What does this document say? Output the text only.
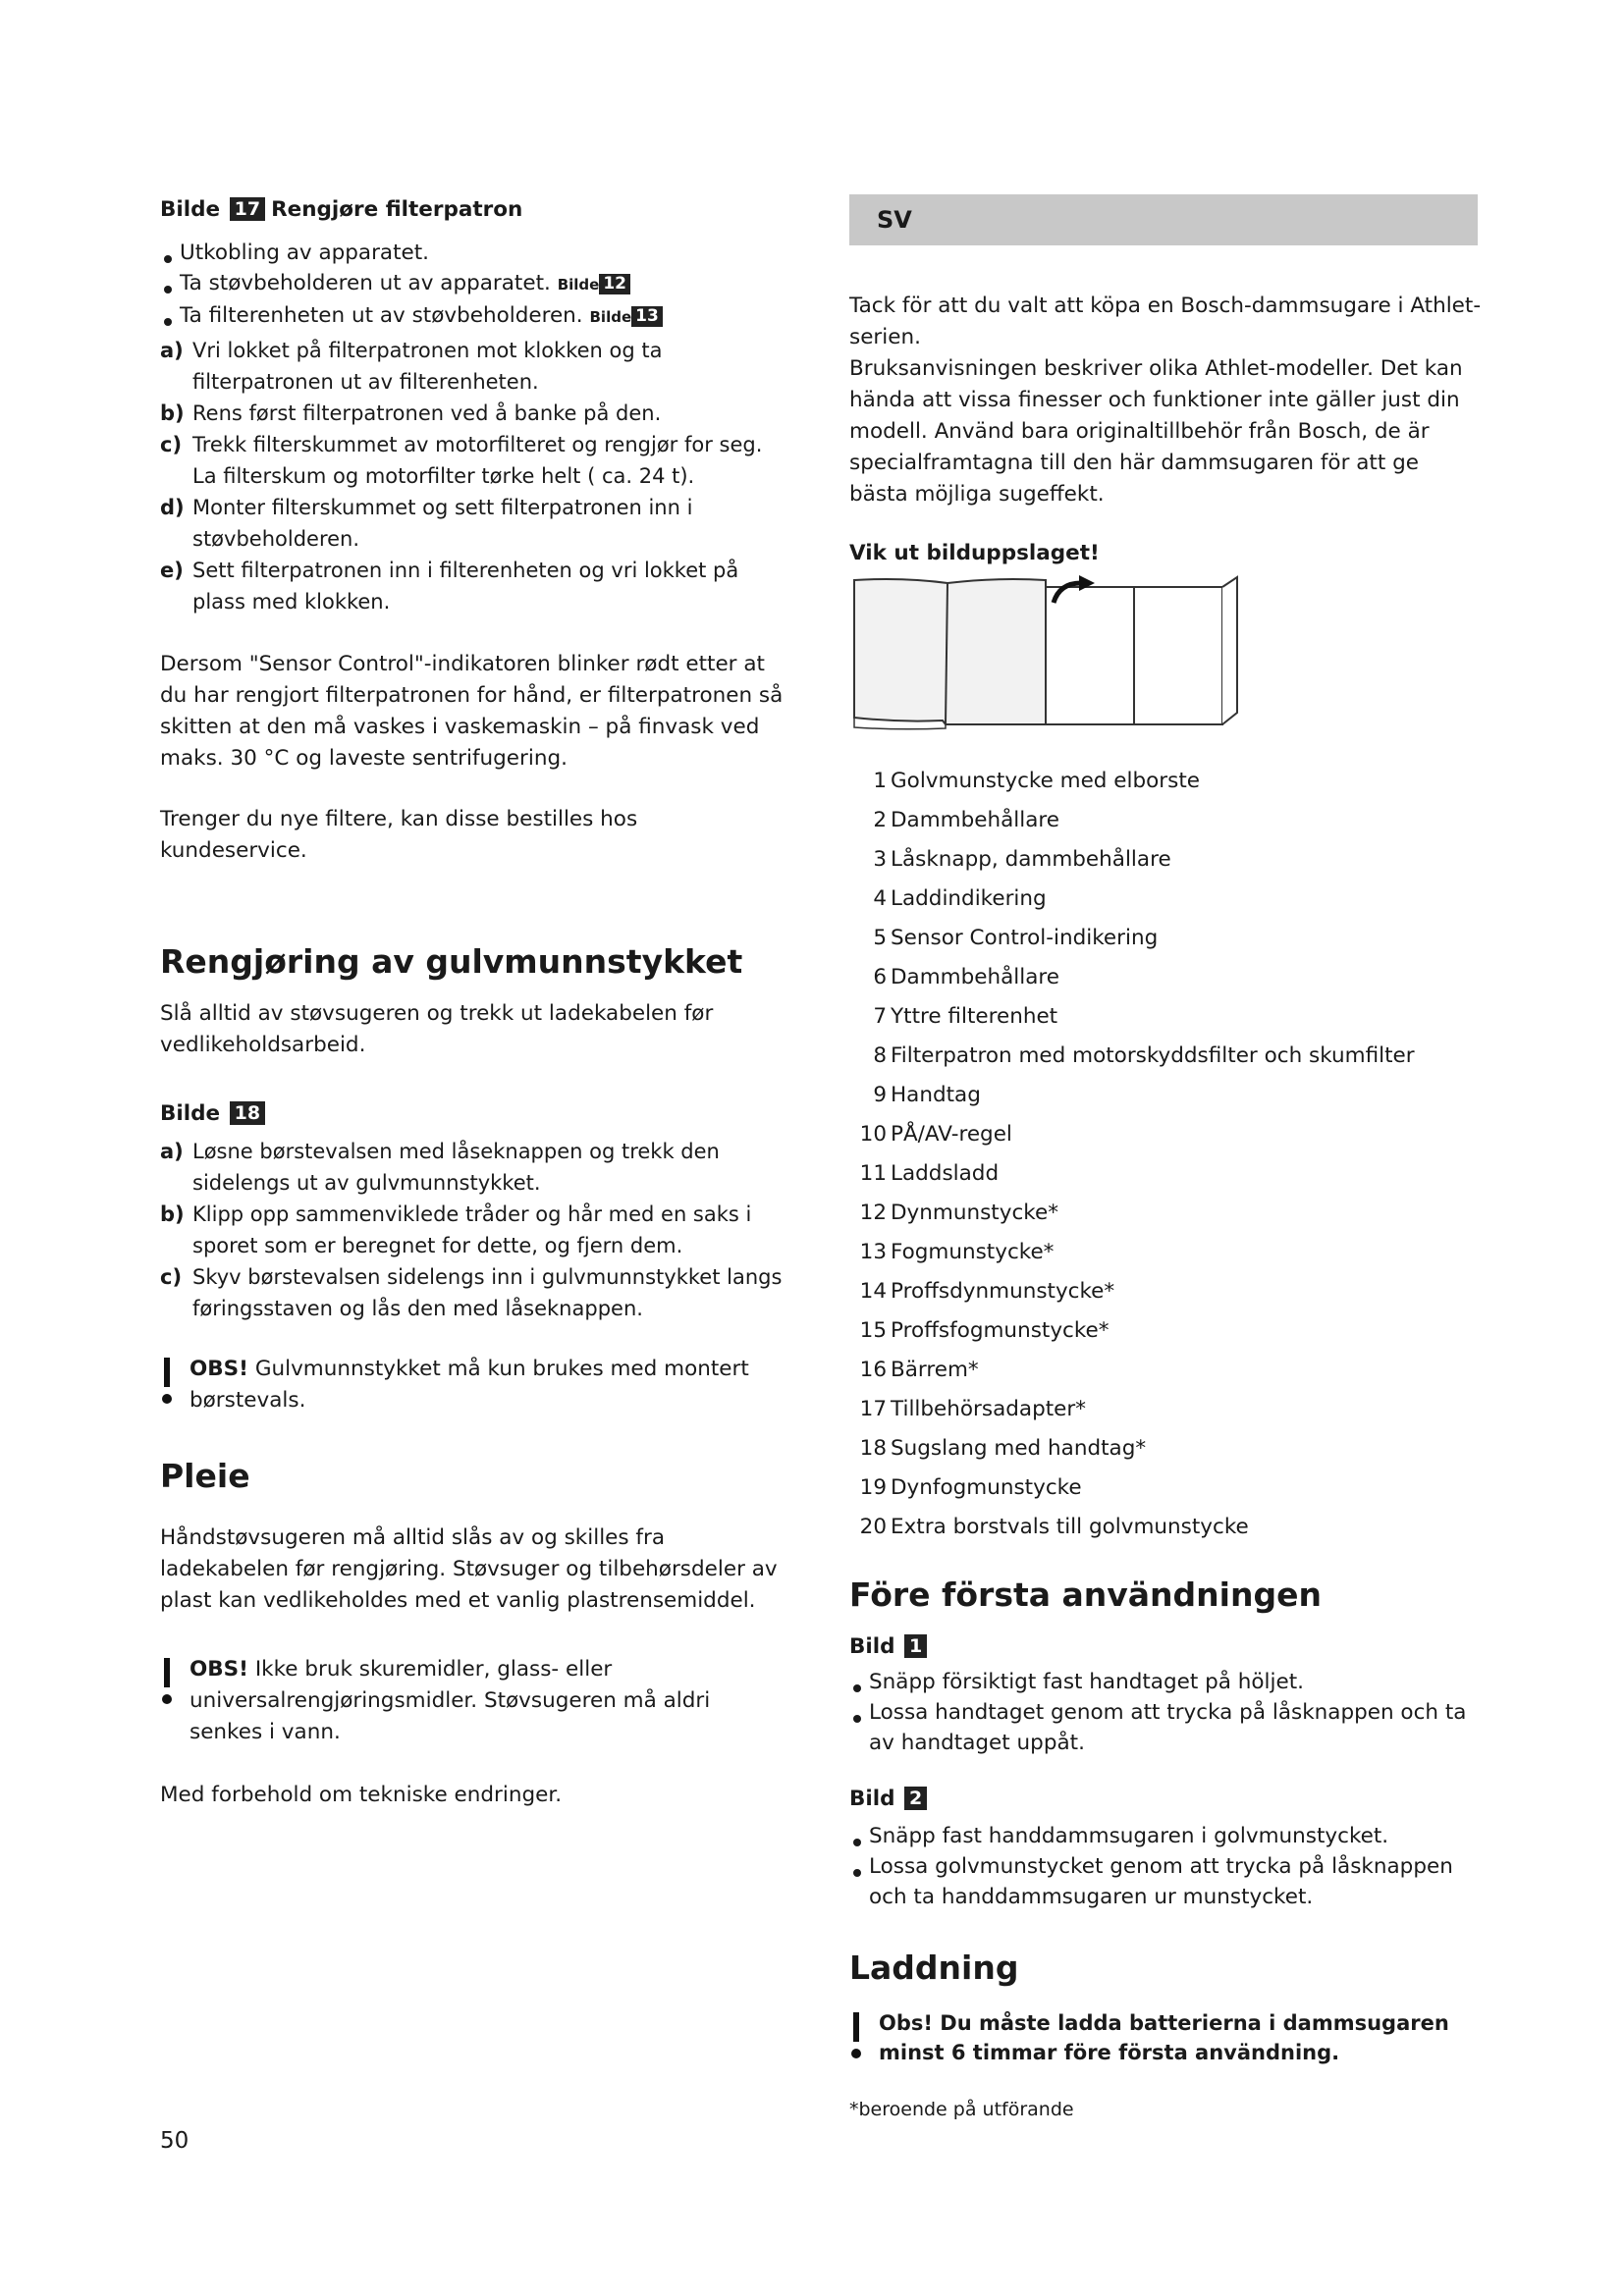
Bilde 17 Rengjøre filterpatron

Utkobling av apparatet.
Ta støvbeholderen ut av apparatet. Bilde 12
Ta filterenheten ut av støvbeholderen. Bilde 13
a) Vri lokket på filterpatronen mot klokken og ta filterpatronen ut av filterenheten.
b) Rens først filterpatronen ved å banke på den.
c) Trekk filterskummet av motorfilteret og rengjør for seg. La filterskum og motorfilter tørke helt ( ca. 24 t).
d) Monter filterskummet og sett filterpatronen inn i støvbeholderen.
e) Sett filterpatronen inn i filterenheten og vri lokket på plass med klokken.

Dersom "Sensor Control"-indikatoren blinker rødt etter at du har rengjort filterpatronen for hånd, er filterpatronen så skitten at den må vaskes i vaskemaskin – på finvask ved maks. 30 °C og laveste sentrifugering.

Trenger du nye filtere, kan disse bestilles hos kundeservice.

Rengjøring av gulvmunnstykket

Slå alltid av støvsugeren og trekk ut ladekabelen før vedlikeholdsarbeid.

Bilde 18

a) Løsne børstevalsen med låseknappen og trekk den sidelengs ut av gulvmunnstykket.
b) Klipp opp sammenviklede tråder og hår med en saks i sporet som er beregnet for dette, og fjern dem.
c) Skyv børstevalsen sidelengs inn i gulvmunnstykket langs føringsstaven og lås den med låseknappen.
OBS! Gulvmunnstykket må kun brukes med montert børstevals.
Pleie

Håndstøvsugeren må alltid slås av og skilles fra ladekabelen før rengjøring. Støvsuger og tilbehørsdeler av plast kan vedlikeholdes med et vanlig plastrensemiddel.

OBS! Ikke bruk skuremidler, glass- eller universalrengjøringsmidler. Støvsugeren må aldri senkes i vann.

Med forbehold om tekniske endringer.

SV

Tack för att du valt att köpa en Bosch-dammsugare i Athlet-serien.

Bruksanvisningen beskriver olika Athlet-modeller. Det kan hända att vissa finesser och funktioner inte gäller just din modell. Använd bara originaltillbehör från Bosch, de är specialframtagna till den här dammsugaren för att ge bästa möjliga sugeffekt.

Vik ut bilduppslaget!

1 Golvmunstycke med elborste
2 Dammbehållare
3 Låsknapp, dammbehållare
4 Laddindikering
5 Sensor Control-indikering
6 Dammbehållare
7 Yttre filterenhet
8 Filterpatron med motorskyddsfilter och skumfilter
9 Handtag
10 PÅ/AV-regel
11 Laddsladd
12 Dynmunstycke*
13 Fogmunstycke*
14 Proffsdynmunstycke*
15 Proffsfogmunstycke*
16 Bärrem*
17 Tillbehörsadapter*
18 Sugslang med handtag*
19 Dynfogmunstycke
20 Extra borstvals till golvmunstycke
Före första användningen

Bild 1

Snäpp försiktigt fast handtaget på höljet.
Lossa handtaget genom att trycka på låsknappen och ta av handtaget uppåt.

Bild 2

Snäpp fast handdammsugaren i golvmunstycket.
Lossa golvmunstycket genom att trycka på låsknappen och ta handdammsugaren ur munstycket.
Laddning
Obs! Du måste ladda batterierna i dammsugaren minst 6 timmar före första användning.

*beroende på utförande

50
